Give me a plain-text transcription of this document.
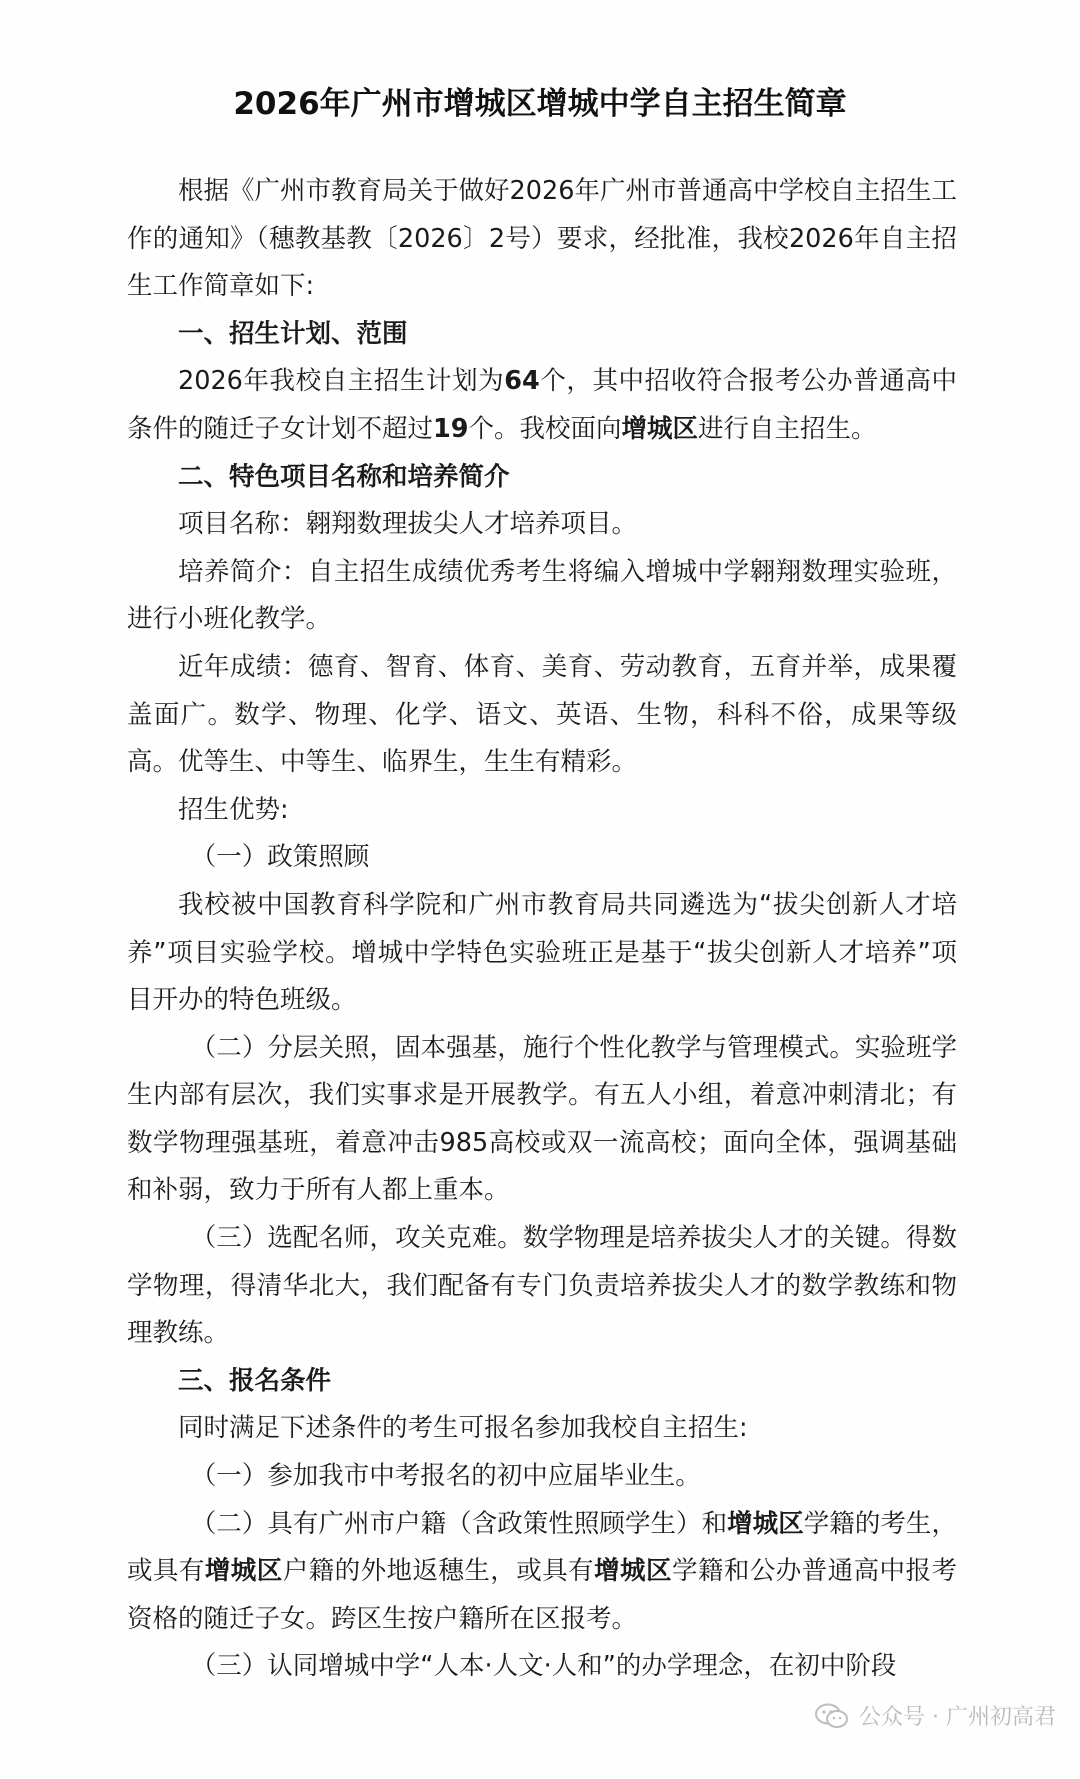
2026年广州市增城区增城中学自主招生简章

根据《广州市教育局关于做好2026年广州市普通高中学校自主招生工作的通知》（穗教基教〔2026〕2号）要求，经批准，我校2026年自主招生工作简章如下:

一、招生计划、范围

2026年我校自主招生计划为64个，其中招收符合报考公办普通高中条件的随迁子女计划不超过19个。我校面向增城区进行自主招生。

二、特色项目名称和培养简介

项目名称：翱翔数理拔尖人才培养项目。

培养简介：自主招生成绩优秀考生将编入增城中学翱翔数理实验班，进行小班化教学。

近年成绩：德育、智育、体育、美育、劳动教育，五育并举，成果覆盖面广。数学、物理、化学、语文、英语、生物，科科不俗，成果等级高。优等生、中等生、临界生，生生有精彩。

招生优势:

（一）政策照顾

我校被中国教育科学院和广州市教育局共同遴选为“拔尖创新人才培养”项目实验学校。增城中学特色实验班正是基于“拔尖创新人才培养”项目开办的特色班级。

（二）分层关照，固本强基，施行个性化教学与管理模式。实验班学生内部有层次，我们实事求是开展教学。有五人小组，着意冲刺清北；有数学物理强基班，着意冲击985高校或双一流高校；面向全体，强调基础和补弱，致力于所有人都上重本。

（三）选配名师，攻关克难。数学物理是培养拔尖人才的关键。得数学物理，得清华北大，我们配备有专门负责培养拔尖人才的数学教练和物理教练。

三、报名条件

同时满足下述条件的考生可报名参加我校自主招生:

（一）参加我市中考报名的初中应届毕业生。

（二）具有广州市户籍（含政策性照顾学生）和增城区学籍的考生，或具有增城区户籍的外地返穗生，或具有增城区学籍和公办普通高中报考资格的随迁子女。跨区生按户籍所在区报考。

（三）认同增城中学“人本·人文·人和”的办学理念，在初中阶段

公众号 · 广州初高君
